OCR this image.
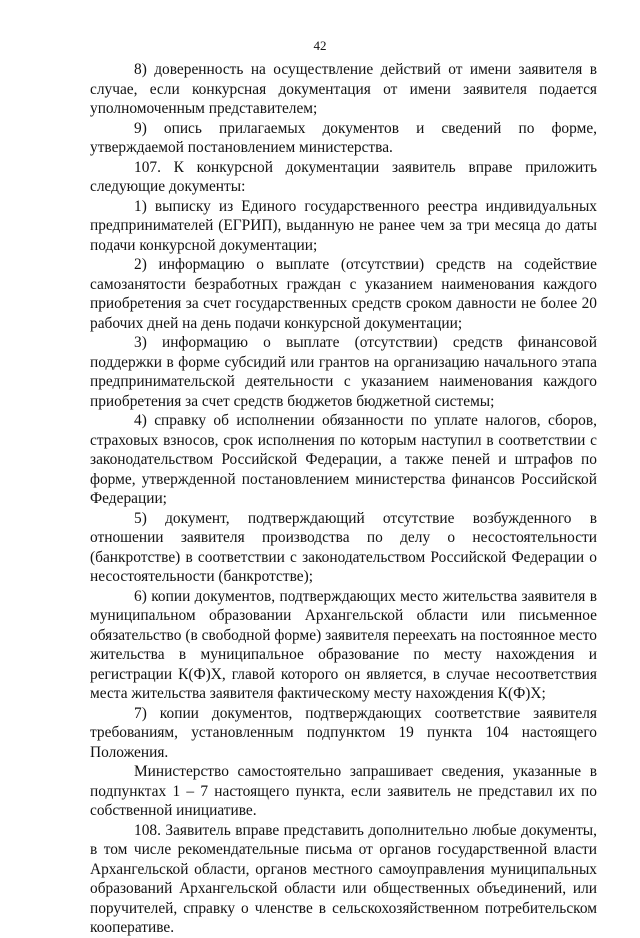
42

8) доверенность на осуществление действий от имени заявителя в случае, если конкурсная документация от имени заявителя подается уполномоченным представителем;

9) опись прилагаемых документов и сведений по форме, утверждаемой постановлением министерства.

107. К конкурсной документации заявитель вправе приложить следующие документы:

1) выписку из Единого государственного реестра индивидуальных предпринимателей (ЕГРИП), выданную не ранее чем за три месяца до даты подачи конкурсной документации;

2) информацию о выплате (отсутствии) средств на содействие самозанятости безработных граждан с указанием наименования каждого приобретения за счет государственных средств сроком давности не более 20 рабочих дней на день подачи конкурсной документации;

3) информацию о выплате (отсутствии) средств финансовой поддержки в форме субсидий или грантов на организацию начального этапа предпринимательской деятельности с указанием наименования каждого приобретения за счет средств бюджетов бюджетной системы;

4) справку об исполнении обязанности по уплате налогов, сборов, страховых взносов, срок исполнения по которым наступил в соответствии с законодательством Российской Федерации, а также пеней и штрафов по форме, утвержденной постановлением министерства финансов Российской Федерации;

5) документ, подтверждающий отсутствие возбужденного в отношении заявителя производства по делу о несостоятельности (банкротстве) в соответствии с законодательством Российской Федерации о несостоятельности (банкротстве);

6) копии документов, подтверждающих место жительства заявителя в муниципальном образовании Архангельской области или письменное обязательство (в свободной форме) заявителя переехать на постоянное место жительства в муниципальное образование по месту нахождения и регистрации К(Ф)Х, главой которого он является, в случае несоответствия места жительства заявителя фактическому месту нахождения К(Ф)Х;

7) копии документов, подтверждающих соответствие заявителя требованиям, установленным подпунктом 19 пункта 104 настоящего Положения.

Министерство самостоятельно запрашивает сведения, указанные в подпунктах 1 – 7 настоящего пункта, если заявитель не представил их по собственной инициативе.

108. Заявитель вправе представить дополнительно любые документы, в том числе рекомендательные письма от органов государственной власти Архангельской области, органов местного самоуправления муниципальных образований Архангельской области или общественных объединений, или поручителей, справку о членстве в сельскохозяйственном потребительском кооперативе.
